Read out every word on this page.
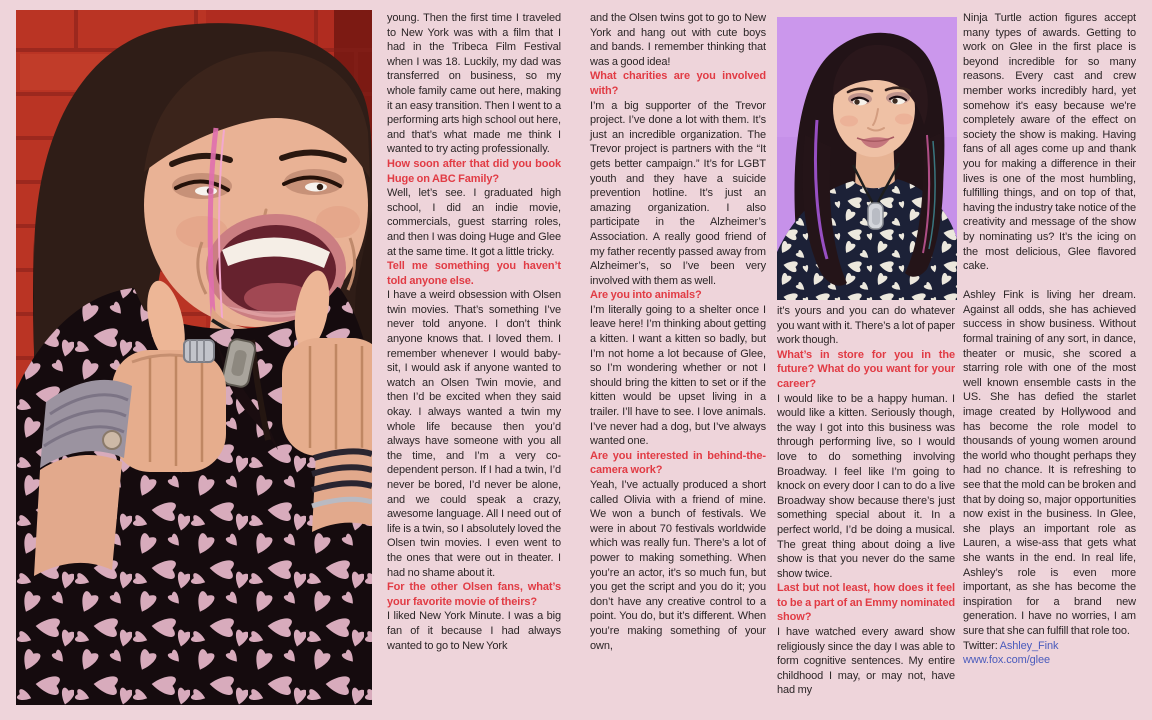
young. Then the first time I traveled to New York was with a film that I had in the Tribeca Film Festival when I was 18. Luckily, my dad was transferred on business, so my whole family came out here, making it an easy transition. Then I went to a performing arts high school out here, and that’s what made me think I wanted to try acting professionally.

How soon after that did you book Huge on ABC Family?

Well, let’s see. I graduated high school, I did an indie movie, commercials, guest starring roles, and then I was doing Huge and Glee at the same time. It got a little tricky.

Tell me something you haven’t told anyone else.

I have a weird obsession with Olsen twin movies. That’s something I’ve never told anyone. I don’t think anyone knows that. I loved them. I remember whenever I would baby-sit, I would ask if anyone wanted to watch an Olsen Twin movie, and then I’d be excited when they said okay. I always wanted a twin my whole life because then you’d always have someone with you all the time, and I’m a very co-dependent person. If I had a twin, I’d never be bored, I’d never be alone, and we could speak a crazy, awesome language. All I need out of life is a twin, so I absolutely loved the Olsen twin movies. I even went to the ones that were out in theater. I had no shame about it.

For the other Olsen fans, what’s your favorite movie of theirs?

I liked New York Minute. I was a big fan of it because I had always wanted to go to New York

and the Olsen twins got to go to New York and hang out with cute boys and bands. I remember thinking that was a good idea!

What charities are you involved with?

I’m a big supporter of the Trevor project. I’ve done a lot with them. It’s just an incredible organization. The Trevor project is partners with the “It gets better campaign.” It’s for LGBT youth and they have a suicide prevention hotline. It’s just an amazing organization. I also participate in the Alzheimer’s Association. A really good friend of my father recently passed away from Alzheimer’s, so I’ve been very involved with them as well.

Are you into animals?

I’m literally going to a shelter once I leave here! I’m thinking about getting a kitten. I want a kitten so badly, but I’m not home a lot because of Glee, so I’m wondering whether or not I should bring the kitten to set or if the kitten would be upset living in a trailer. I’ll have to see. I love animals. I’ve never had a dog, but I’ve always wanted one.

Are you interested in behind-the-camera work?

Yeah, I’ve actually produced a short called Olivia with a friend of mine. We won a bunch of festivals. We were in about 70 festivals worldwide which was really fun. There’s a lot of power to making something. When you’re an actor, it’s so much fun, but you get the script and you do it; you don’t have any creative control to a point. You do, but it’s different. When you’re making something of your own,

it’s yours and you can do whatever you want with it. There’s a lot of paper work though.

What’s in store for you in the future? What do you want for your career?

I would like to be a happy human. I would like a kitten. Seriously though, the way I got into this business was through performing live, so I would love to do something involving Broadway. I feel like I’m going to knock on every door I can to do a live Broadway show because there’s just something special about it. In a perfect world, I’d be doing a musical. The great thing about doing a live show is that you never do the same show twice.

Last but not least, how does it feel to be a part of an Emmy nominated show?

I have watched every award show religiously since the day I was able to form cognitive sentences. My entire childhood I may, or may not, have had my

Ninja Turtle action figures accept many types of awards. Getting to work on Glee in the first place is beyond incredible for so many reasons. Every cast and crew member works incredibly hard, yet somehow it's easy because we're completely aware of the effect on society the show is making. Having fans of all ages come up and thank you for making a difference in their lives is one of the most humbling, fulfilling things, and on top of that, having the industry take notice of the creativity and message of the show by nominating us? It’s the icing on the most delicious, Glee flavored cake.

Ashley Fink is living her dream. Against all odds, she has achieved success in show business. Without formal training of any sort, in dance, theater or music, she scored a starring role with one of the most well known ensemble casts in the US. She has defied the starlet image created by Hollywood and has become the role model to thousands of young women around the world who thought perhaps they had no chance. It is refreshing to see that the mold can be broken and that by doing so, major opportunities now exist in the business. In Glee, she plays an important role as Lauren, a wise-ass that gets what she wants in the end. In real life, Ashley’s role is even more important, as she has become the inspiration for a brand new generation. I have no worries, I am sure that she can fulfill that role too.

Twitter: Ashley_Fink

www.fox.com/glee
